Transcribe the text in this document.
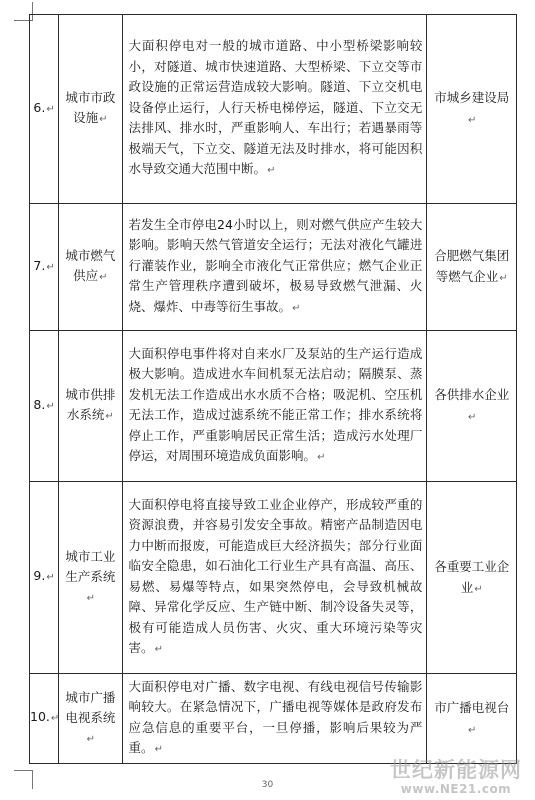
6.↵	城市市政设施↵	大面积停电对一般的城市道路、中小型桥梁影响较小，对隧道、城市快速道路、大型桥梁、下立交等市政设施的正常运营造成较大影响。隧道、下立交机电设备停止运行，人行天桥电梯停运，隧道、下立交无法排风、排水时，严重影响人、车出行；若遇暴雨等极端天气，下立交、隧道无法及时排水，将可能因积水导致交通大范围中断。↵	市城乡建设局↵
7.↵	城市燃气供应↵	若发生全市停电24小时以上，则对燃气供应产生较大影响。影响天然气管道安全运行；无法对液化气罐进行灌装作业，影响全市液化气正常供应；燃气企业正常生产管理秩序遭到破坏，极易导致燃气泄漏、火烧、爆炸、中毒等衍生事故。↵	合肥燃气集团等燃气企业↵
8.↵	城市供排水系统↵	大面积停电事件将对自来水厂及泵站的生产运行造成极大影响。造成进水车间机泵无法启动；隔膜泵、蒸发机无法工作造成出水水质不合格；吸泥机、空压机无法工作，造成过滤系统不能正常工作；排水系统将停止工作，严重影响居民正常生活；造成污水处理厂停运，对周围环境造成负面影响。↵	各供排水企业↵
9.↵	城市工业生产系统↵	大面积停电将直接导致工业企业停产，形成较严重的资源浪费，并容易引发安全事故。精密产品制造因电力中断而报废，可能造成巨大经济损失；部分行业面临安全隐患，如石油化工行业生产具有高温、高压、易燃、易爆等特点，如果突然停电，会导致机械故障、异常化学反应、生产链中断、制冷设备失灵等，极有可能造成人员伤害、火灾、重大环境污染等灾害。↵	各重要工业企业↵
10.↵	城市广播电视系统↵	大面积停电对广播、数字电视、有线电视信号传输影响较大。在紧急情况下，广播电视等媒体是政府发布应急信息的重要平台，一旦停播，影响后果较为严重。↵	市广播电视台↵
30
世纪新能源网
www.NE21.com
